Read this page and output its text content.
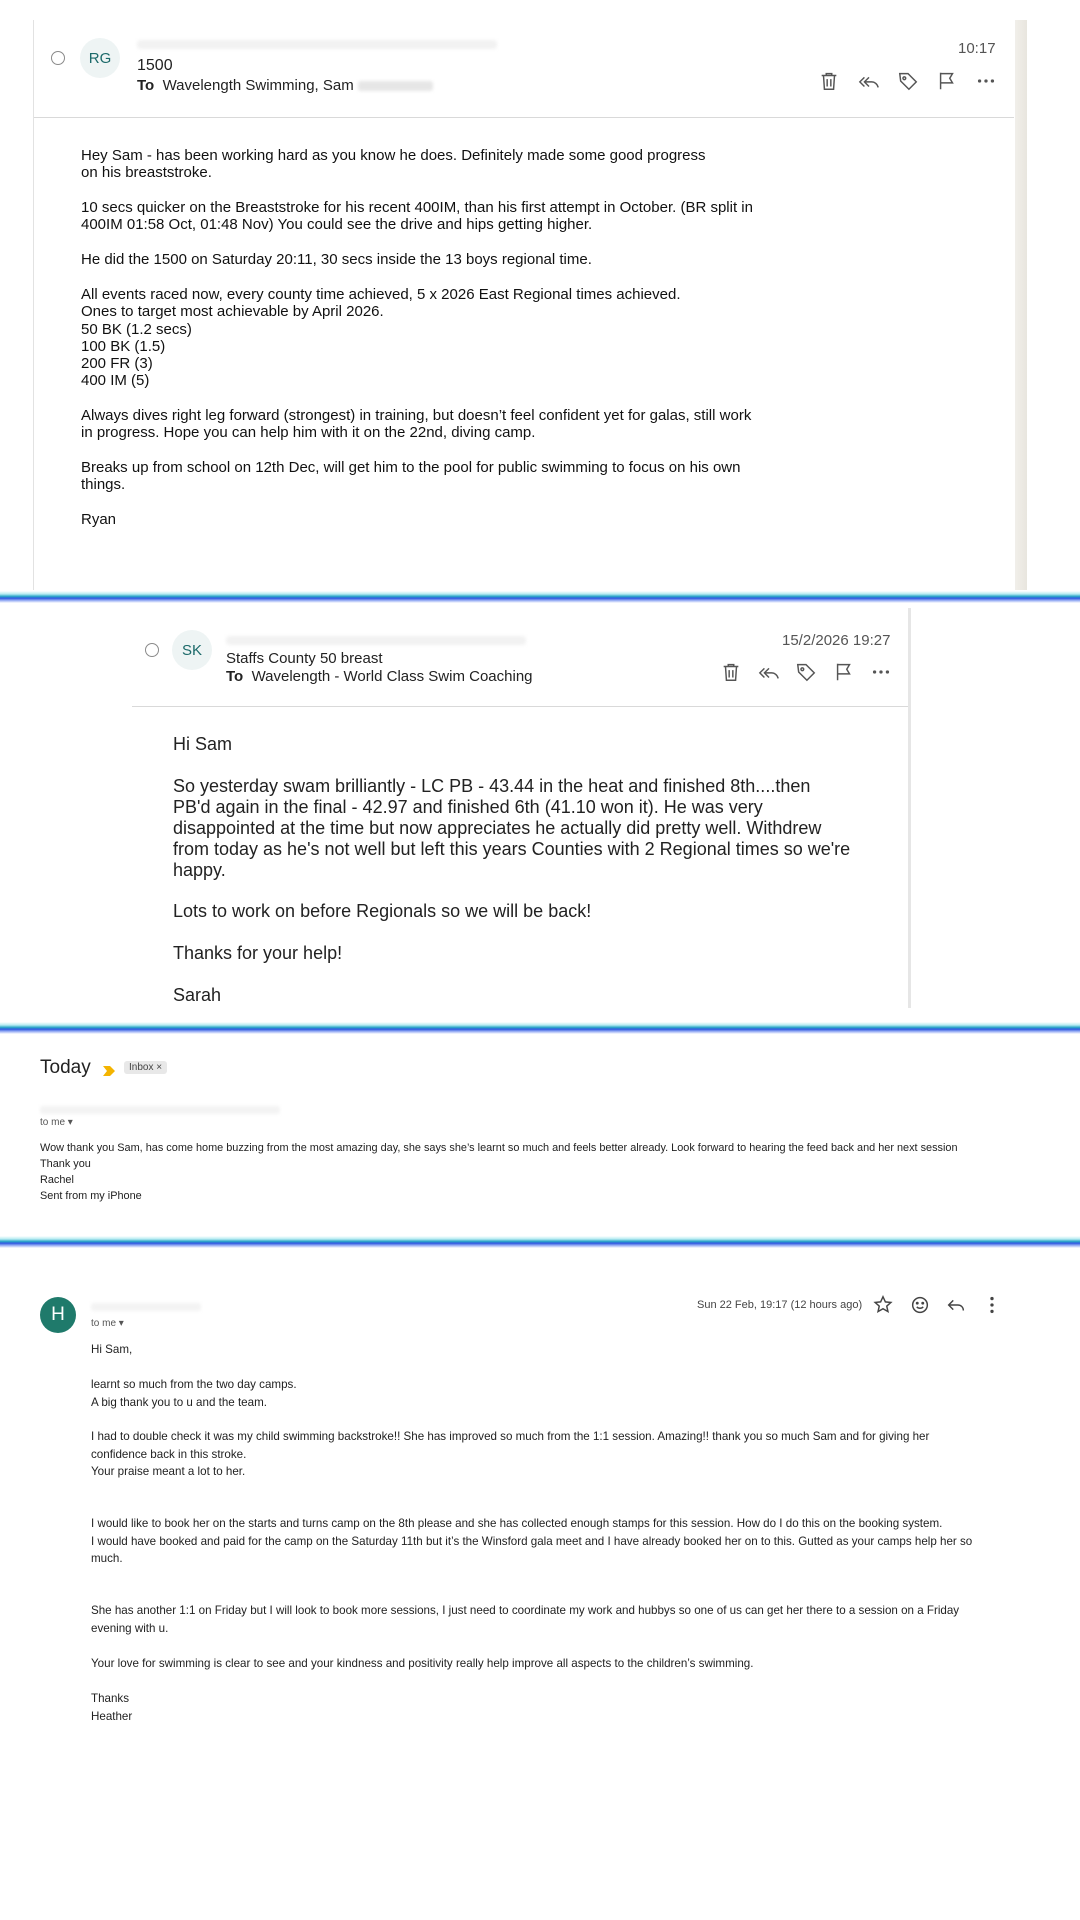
RG	1500
To Wavelength Swimming, Sam
10:17
Hey Sam - has been working hard as you know he does. Definitely made some good progress
on his breaststroke.
10 secs quicker on the Breaststroke for his recent 400IM, than his first attempt in October. (BR split in
400IM 01:58 Oct, 01:48 Nov) You could see the drive and hips getting higher.
He did the 1500 on Saturday 20:11, 30 secs inside the 13 boys regional time.
All events raced now, every county time achieved, 5 x 2026 East Regional times achieved.
Ones to target most achievable by April 2026.
50 BK (1.2 secs)
100 BK (1.5)
200 FR (3)
400 IM (5)
Always dives right leg forward (strongest) in training, but doesn’t feel confident yet for galas, still work
in progress. Hope you can help him with it on the 22nd, diving camp.
Breaks up from school on 12th Dec, will get him to the pool for public swimming to focus on his own
things.
Ryan
SK	Staffs County 50 breast
To Wavelength - World Class Swim Coaching
15/2/2026 19:27
Hi Sam
So yesterday swam brilliantly - LC PB - 43.44 in the heat and finished 8th....then
PB'd again in the final - 42.97 and finished 6th (41.10 won it). He was very
disappointed at the time but now appreciates he actually did pretty well. Withdrew
from today as he's not well but left this years Counties with 2 Regional times so we're
happy.
Lots to work on before Regionals so we will be back!
Thanks for your help!
Sarah
Today	Inbox ×
to me ▾
Wow thank you Sam, has come home buzzing from the most amazing day, she says she’s learnt so much and feels better already. Look forward to hearing the feed back and her next session
Thank you
Rachel
Sent from my iPhone
H	to me ▾
Sun 22 Feb, 19:17 (12 hours ago)
Hi Sam,
learnt so much from the two day camps.
A big thank you to u and the team.
I had to double check it was my child swimming backstroke!! She has improved so much from the 1:1 session. Amazing!! thank you so much Sam and for giving her
confidence back in this stroke.
Your praise meant a lot to her.
I would like to book her on the starts and turns camp on the 8th please and she has collected enough stamps for this session. How do I do this on the booking system.
I would have booked and paid for the camp on the Saturday 11th but it’s the Winsford gala meet and I have already booked her on to this. Gutted as your camps help her so
much.
She has another 1:1 on Friday but I will look to book more sessions, I just need to coordinate my work and hubbys so one of us can get her there to a session on a Friday
evening with u.
Your love for swimming is clear to see and your kindness and positivity really help improve all aspects to the children’s swimming.
Thanks
Heather
